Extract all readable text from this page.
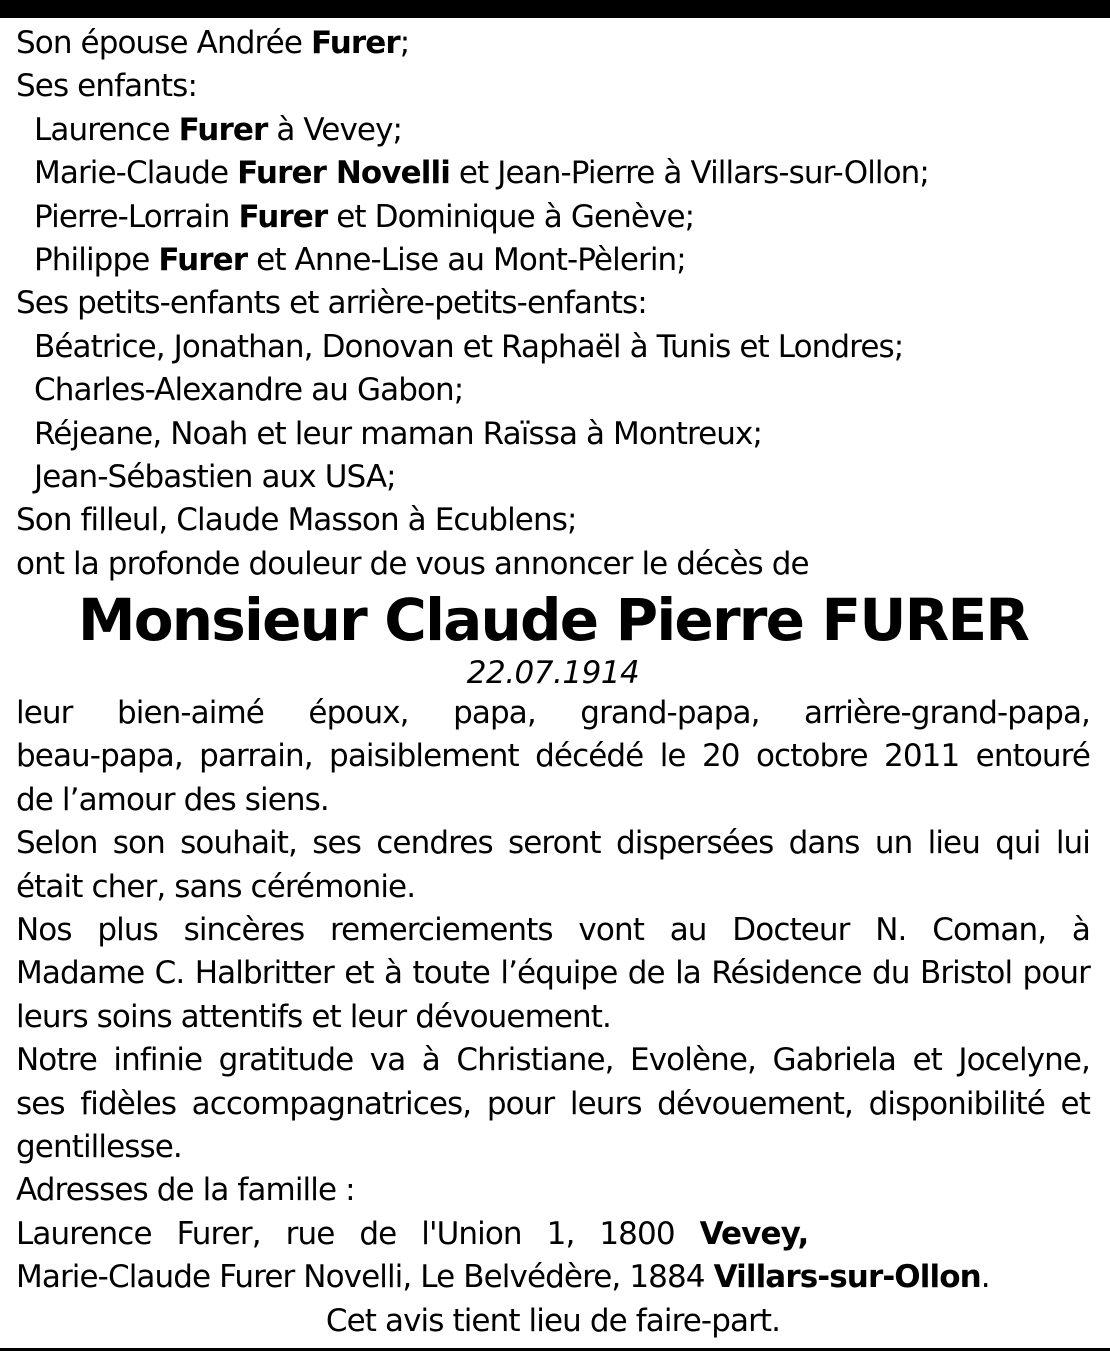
Son épouse Andrée Furer;
Ses enfants:
Laurence Furer à Vevey;
Marie-Claude Furer Novelli et Jean-Pierre à Villars-sur-Ollon;
Pierre-Lorrain Furer et Dominique à Genève;
Philippe Furer et Anne-Lise au Mont-Pèlerin;
Ses petits-enfants et arrière-petits-enfants:
Béatrice, Jonathan, Donovan et Raphaël à Tunis et Londres;
Charles-Alexandre au Gabon;
Réjeane, Noah et leur maman Raïssa à Montreux;
Jean-Sébastien aux USA;
Son filleul, Claude Masson à Ecublens;
ont la profonde douleur de vous annoncer le décès de
Monsieur Claude Pierre FURER
22.07.1914
leur bien-aimé époux, papa, grand-papa, arrière-grand-papa,
beau-papa, parrain, paisiblement décédé le 20 octobre 2011 entouré
de l’amour des siens.
Selon son souhait, ses cendres seront dispersées dans un lieu qui lui
était cher, sans cérémonie.
Nos plus sincères remerciements vont au Docteur N. Coman, à
Madame C. Halbritter et à toute l’équipe de la Résidence du Bristol pour
leurs soins attentifs et leur dévouement.
Notre infinie gratitude va à Christiane, Evolène, Gabriela et Jocelyne,
ses fidèles accompagnatrices, pour leurs dévouement, disponibilité et
gentillesse.
Adresses de la famille :
Laurence Furer, rue de l'Union 1, 1800 Vevey,
Marie-Claude Furer Novelli, Le Belvédère, 1884 Villars-sur-Ollon.
Cet avis tient lieu de faire-part.
